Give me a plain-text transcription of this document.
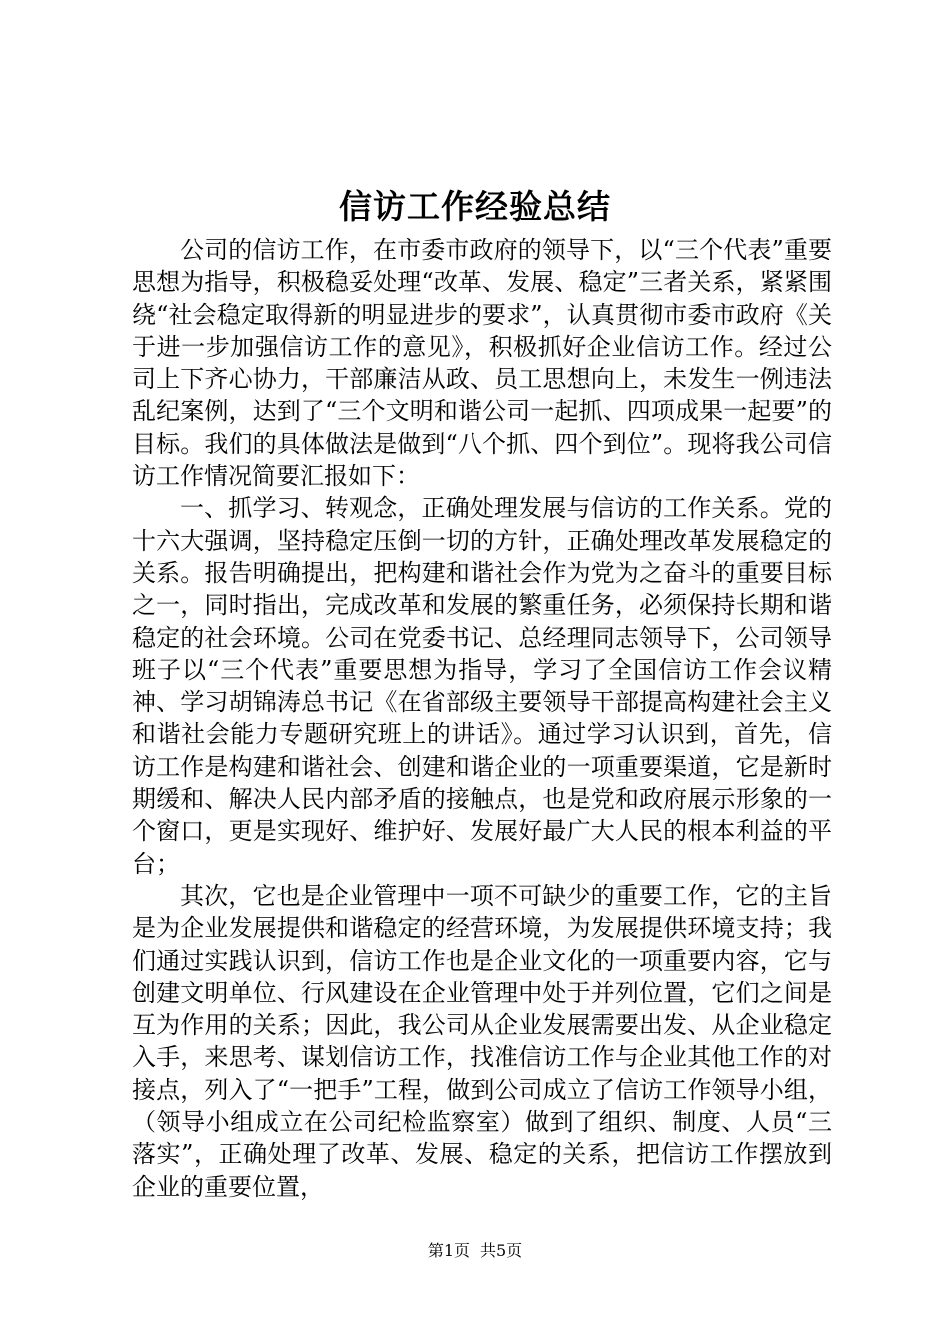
信访工作经验总结

公司的信访工作，在市委市政府的领导下，以“三个代表”重要思想为指导，积极稳妥处理“改革、发展、稳定”三者关系，紧紧围绕“社会稳定取得新的明显进步的要求”，认真贯彻市委市政府《关于进一步加强信访工作的意见》，积极抓好企业信访工作。经过公司上下齐心协力，干部廉洁从政、员工思想向上，未发生一例违法乱纪案例，达到了“三个文明和谐公司一起抓、四项成果一起要”的目标。我们的具体做法是做到“八个抓、四个到位”。现将我公司信访工作情况简要汇报如下：

一、抓学习、转观念，正确处理发展与信访的工作关系。党的十六大强调，坚持稳定压倒一切的方针，正确处理改革发展稳定的关系。报告明确提出，把构建和谐社会作为党为之奋斗的重要目标之一，同时指出，完成改革和发展的繁重任务，必须保持长期和谐稳定的社会环境。公司在党委书记、总经理同志领导下，公司领导班子以“三个代表”重要思想为指导，学习了全国信访工作会议精神、学习胡锦涛总书记《在省部级主要领导干部提高构建社会主义和谐社会能力专题研究班上的讲话》。通过学习认识到，首先，信访工作是构建和谐社会、创建和谐企业的一项重要渠道，它是新时期缓和、解决人民内部矛盾的接触点，也是党和政府展示形象的一个窗口，更是实现好、维护好、发展好最广大人民的根本利益的平台；

其次，它也是企业管理中一项不可缺少的重要工作，它的主旨是为企业发展提供和谐稳定的经营环境，为发展提供环境支持；我们通过实践认识到，信访工作也是企业文化的一项重要内容，它与创建文明单位、行风建设在企业管理中处于并列位置，它们之间是互为作用的关系；因此，我公司从企业发展需要出发、从企业稳定入手，来思考、谋划信访工作，找准信访工作与企业其他工作的对接点，列入了“一把手”工程，做到公司成立了信访工作领导小组，（领导小组成立在公司纪检监察室）做到了组织、制度、人员“三落实”，正确处理了改革、发展、稳定的关系，把信访工作摆放到企业的重要位置，

第1页 共5页
